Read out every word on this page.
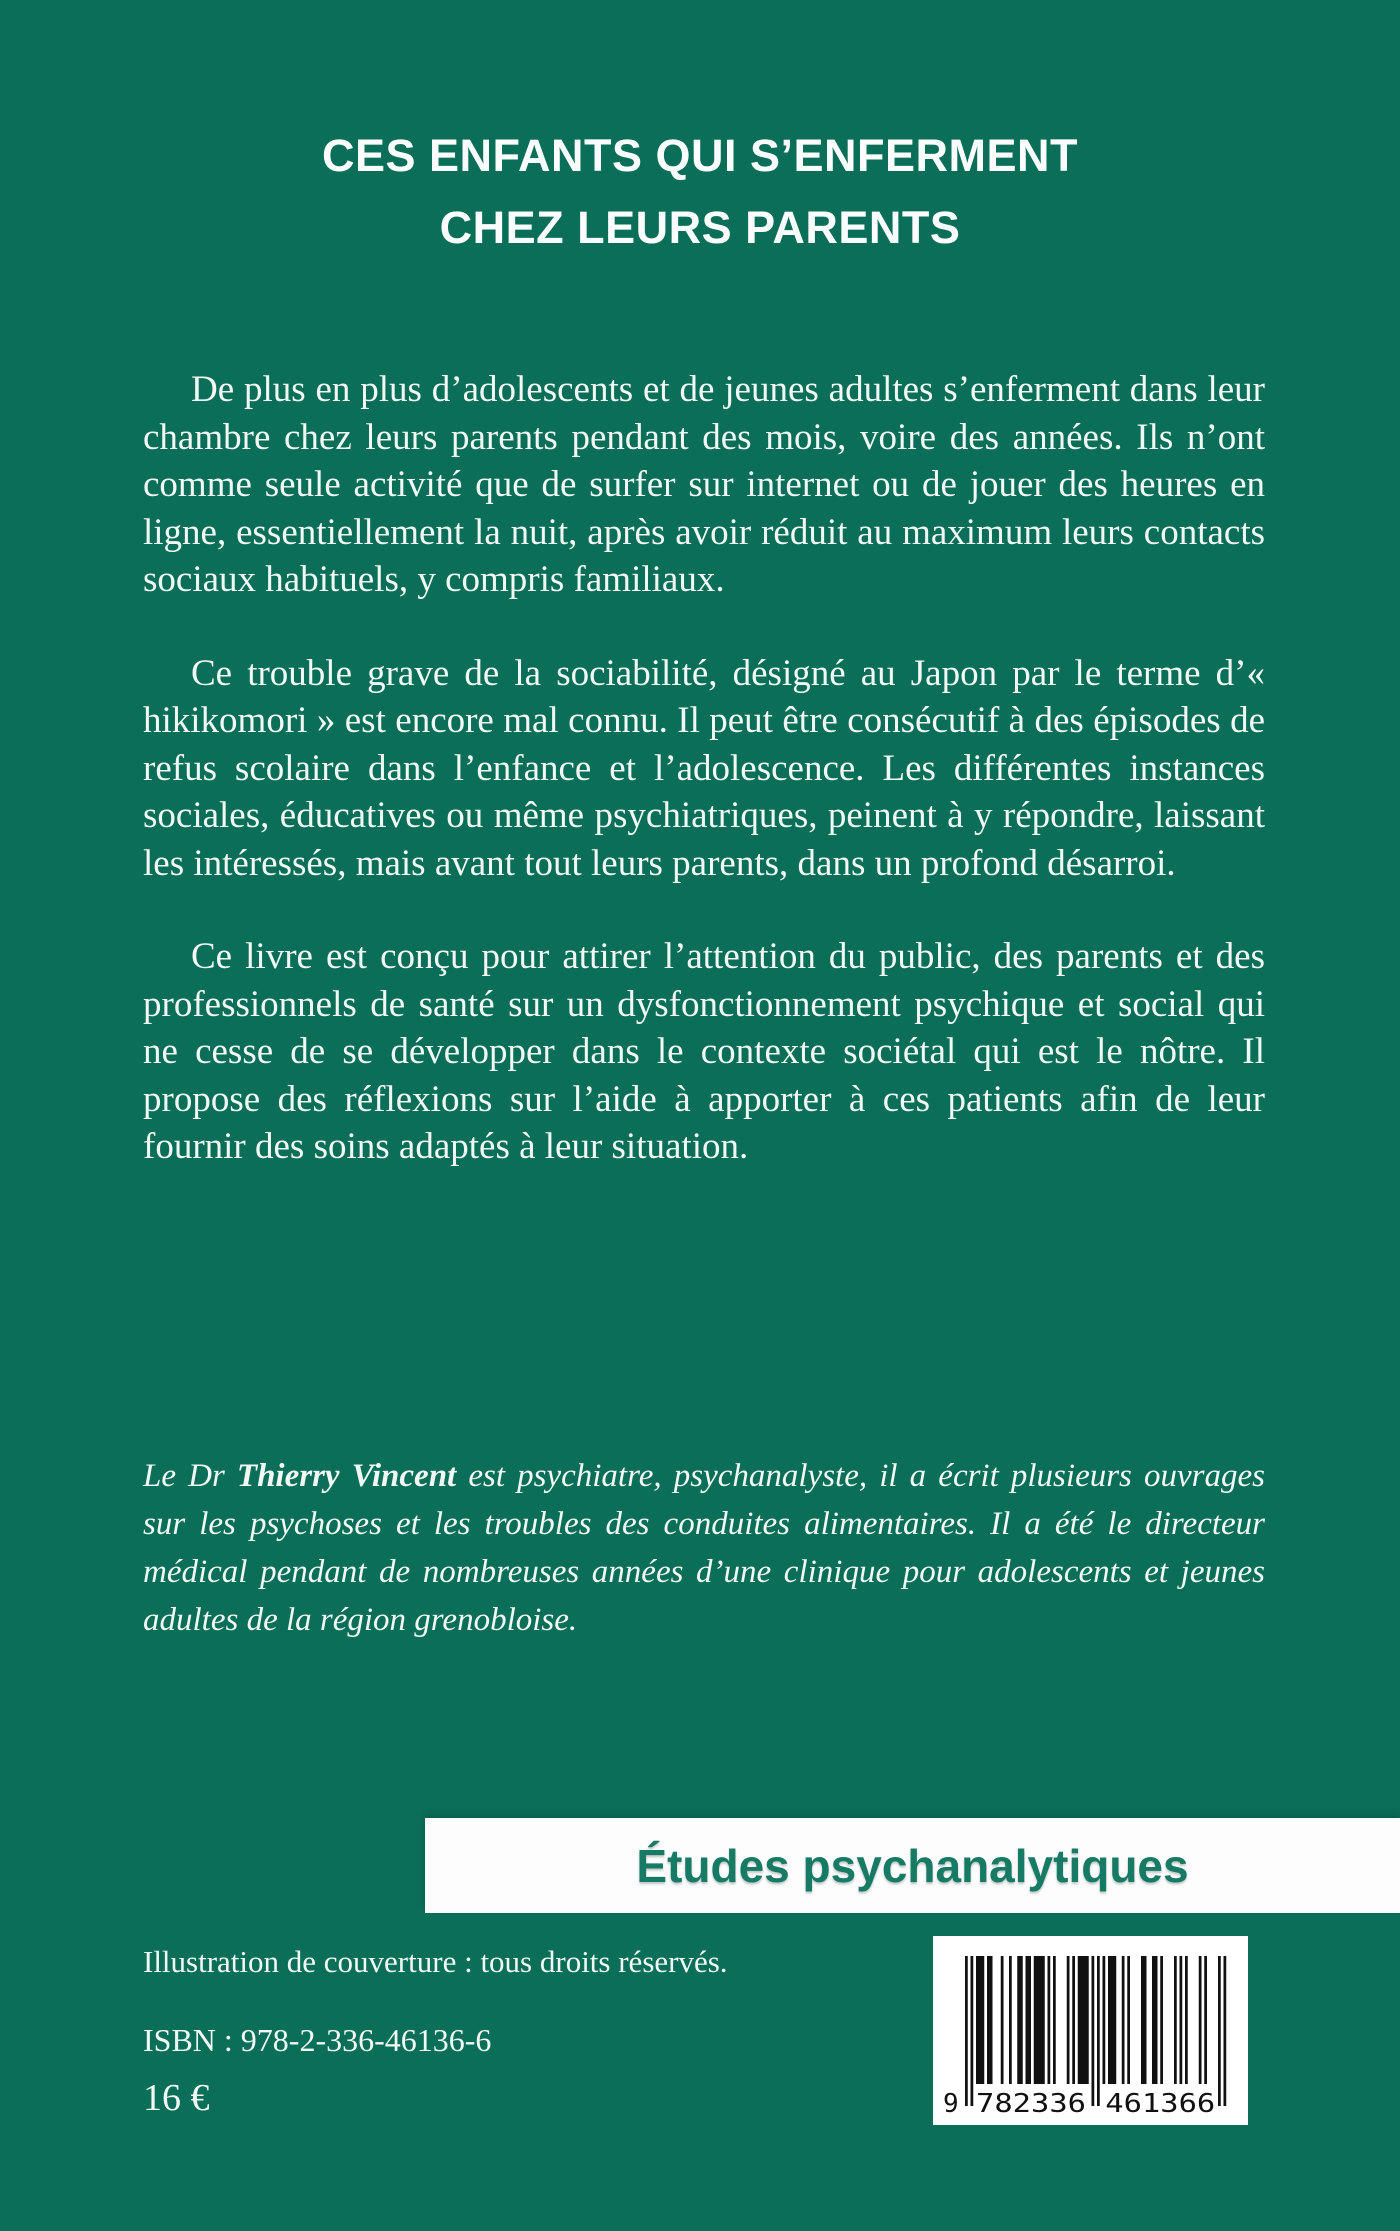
CES ENFANTS QUI S’ENFERMENT
CHEZ LEURS PARENTS

De plus en plus d’adolescents et de jeunes adultes s’enferment dans leur chambre chez leurs parents pendant des mois, voire des années. Ils n’ont comme seule activité que de surfer sur internet ou de jouer des heures en ligne, essentiellement la nuit, après avoir réduit au maximum leurs contacts sociaux habituels, y compris familiaux.

Ce trouble grave de la sociabilité, désigné au Japon par le terme d’« hikikomori » est encore mal connu. Il peut être consécutif à des épisodes de refus scolaire dans l’enfance et l’adolescence. Les différentes instances sociales, éducatives ou même psychiatriques, peinent à y répondre, laissant les intéressés, mais avant tout leurs parents, dans un profond désarroi.

Ce livre est conçu pour attirer l’attention du public, des parents et des professionnels de santé sur un dysfonctionnement psychique et social qui ne cesse de se développer dans le contexte sociétal qui est le nôtre. Il propose des réflexions sur l’aide à apporter à ces patients afin de leur fournir des soins adaptés à leur situation.

Le Dr Thierry Vincent est psychiatre, psychanalyste, il a écrit plusieurs ouvrages sur les psychoses et les troubles des conduites alimentaires. Il a été le directeur médical pendant de nombreuses années d’une clinique pour adolescents et jeunes adultes de la région grenobloise.
Études psychanalytiques
Illustration de couverture : tous droits réservés.
ISBN : 978-2-336-46136-6
16 €	9 782336 461366
